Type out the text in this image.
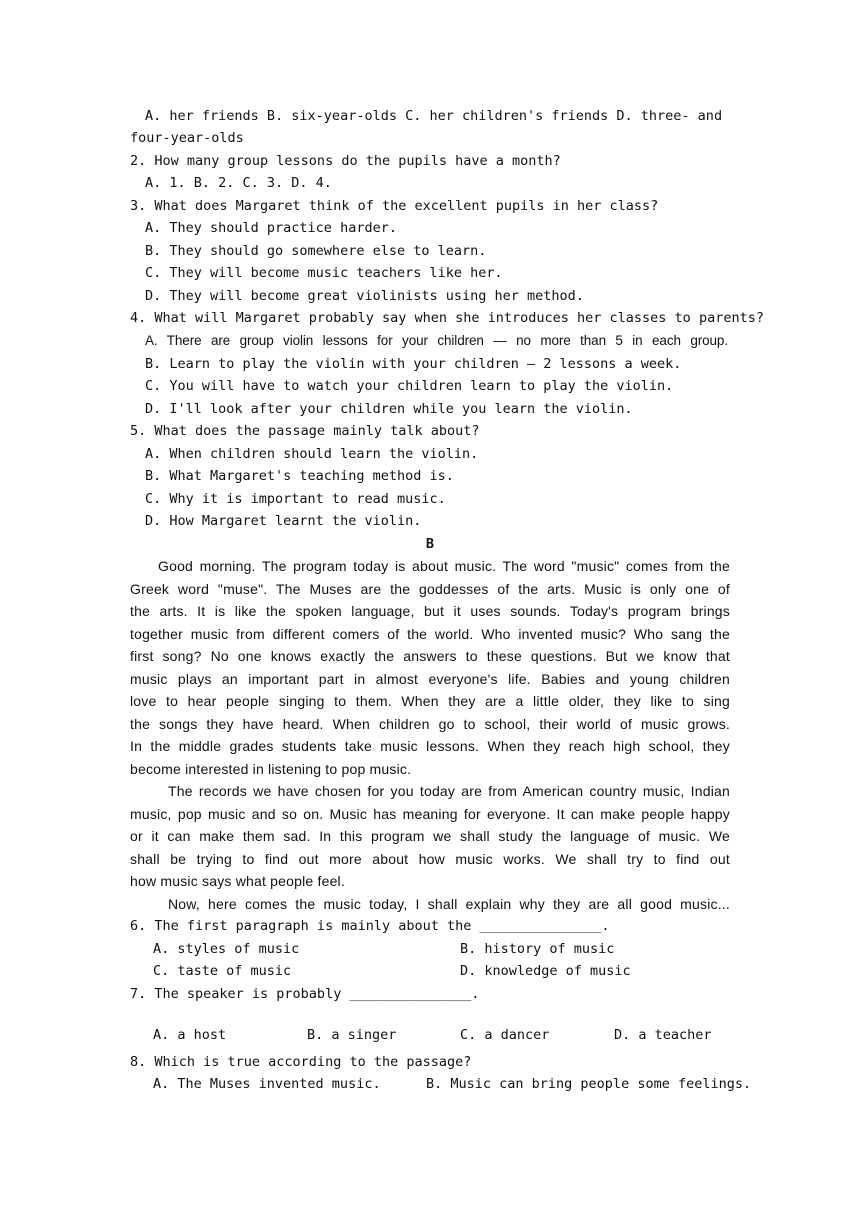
A. her friends B. six-year-olds C. her children's friends D. three- and
four-year-olds
2. How many group lessons do the pupils have a month?
A. 1. B. 2. C. 3. D. 4.
3. What does Margaret think of the excellent pupils in her class?
A. They should practice harder.
B. They should go somewhere else to learn.
C. They will become music teachers like her.
D. They will become great violinists using her method.
4. What will Margaret probably say when she introduces her classes to parents?
A. There are group violin lessons for your children — no more than 5 in each group.
B. Learn to play the violin with your children — 2 lessons a week.
C. You will have to watch your children learn to play the violin.
D. I'll look after your children while you learn the violin.
5. What does the passage mainly talk about?
A. When children should learn the violin.
B. What Margaret's teaching method is.
C. Why it is important to read music.
D. How Margaret learnt the violin.
B
Good morning. The program today is about music. The word "music" comes from the
Greek word "muse". The Muses are the goddesses of the arts. Music is only one of
the arts. It is like the spoken language, but it uses sounds. Today's program brings
together music from different comers of the world. Who invented music? Who sang the
first song? No one knows exactly the answers to these questions. But we know that
music plays an important part in almost everyone's life. Babies and young children
love to hear people singing to them. When they are a little older, they like to sing
the songs they have heard. When children go to school, their world of music grows.
In the middle grades students take music lessons. When they reach high school, they
become interested in listening to pop music.
The records we have chosen for you today are from American country music, Indian
music, pop music and so on. Music has meaning for everyone. It can make people happy
or it can make them sad. In this program we shall study the language of music. We
shall be trying to find out more about how music works. We shall try to find out
how music says what people feel.
Now, here comes the music today, I shall explain why they are all good music...
6. The first paragraph is mainly about the _______________.
A. styles of music	B. history of music
C. taste of music	D. knowledge of music
7. The speaker is probably _______________.
A. a host	B. a singer	C. a dancer	D. a teacher
8. Which is true according to the passage?
A. The Muses invented music.	B. Music can bring people some feelings.
